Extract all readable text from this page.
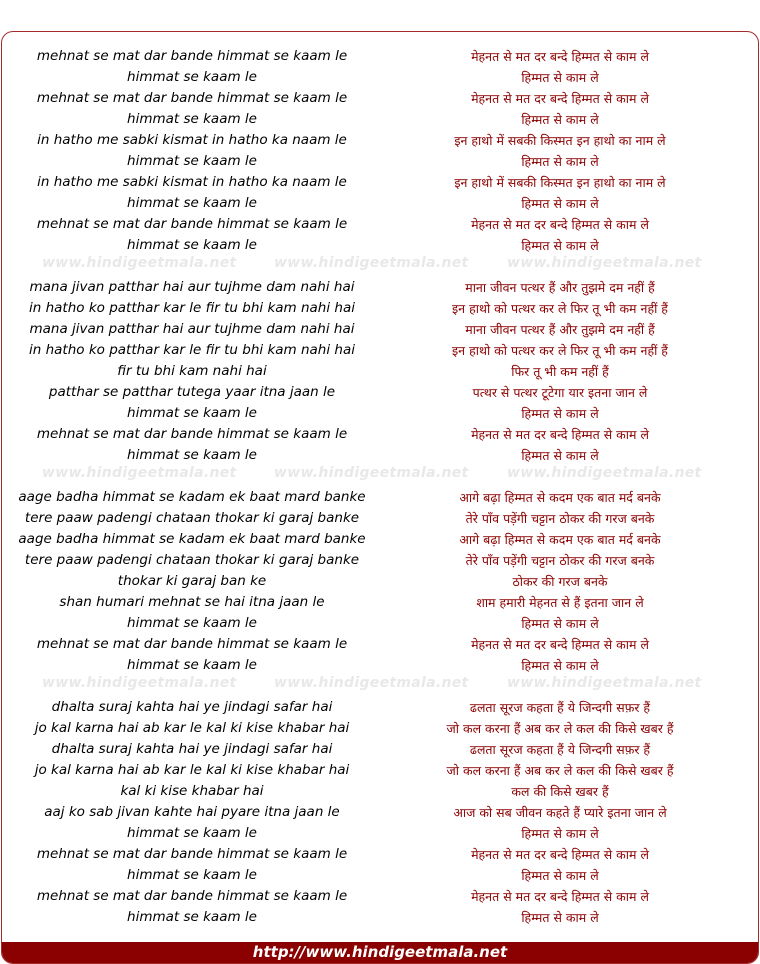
mehnat se mat dar bande himmat se kaam le	मेहनत से मत दर बन्दे हिम्मत से काम ले
himmat se kaam le	हिम्मत से काम ले
mehnat se mat dar bande himmat se kaam le	मेहनत से मत दर बन्दे हिम्मत से काम ले
himmat se kaam le	हिम्मत से काम ले
in hatho me sabki kismat in hatho ka naam le	इन हाथो में सबकी किस्मत इन हाथो का नाम ले
himmat se kaam le	हिम्मत से काम ले
in hatho me sabki kismat in hatho ka naam le	इन हाथो में सबकी किस्मत इन हाथो का नाम ले
himmat se kaam le	हिम्मत से काम ले
mehnat se mat dar bande himmat se kaam le	मेहनत से मत दर बन्दे हिम्मत से काम ले
himmat se kaam le	हिम्मत से काम ले
www.hindigeetmala.net	www.hindigeetmala.net	www.hindigeetmala.net
mana jivan patthar hai aur tujhme dam nahi hai	माना जीवन पत्थर हैं और तुझमे दम नहीं हैं
in hatho ko patthar kar le fir tu bhi kam nahi hai	इन हाथो को पत्थर कर ले फिर तू भी कम नहीं हैं
mana jivan patthar hai aur tujhme dam nahi hai	माना जीवन पत्थर हैं और तुझमे दम नहीं हैं
in hatho ko patthar kar le fir tu bhi kam nahi hai	इन हाथो को पत्थर कर ले फिर तू भी कम नहीं हैं
fir tu bhi kam nahi hai	फिर तू भी कम नहीं हैं
patthar se patthar tutega yaar itna jaan le	पत्थर से पत्थर टूटेगा यार इतना जान ले
himmat se kaam le	हिम्मत से काम ले
mehnat se mat dar bande himmat se kaam le	मेहनत से मत दर बन्दे हिम्मत से काम ले
himmat se kaam le	हिम्मत से काम ले
www.hindigeetmala.net	www.hindigeetmala.net	www.hindigeetmala.net
aage badha himmat se kadam ek baat mard banke	आगे बढ़ा हिम्मत से कदम एक बात मर्द बनके
tere paaw padengi chataan thokar ki garaj banke	तेरे पाँव पड़ेंगी चट्टान ठोकर की गरज बनके
aage badha himmat se kadam ek baat mard banke	आगे बढ़ा हिम्मत से कदम एक बात मर्द बनके
tere paaw padengi chataan thokar ki garaj banke	तेरे पाँव पड़ेंगी चट्टान ठोकर की गरज बनके
thokar ki garaj ban ke	ठोकर की गरज बनके
shan humari mehnat se hai itna jaan le	शाम हमारी मेहनत से हैं इतना जान ले
himmat se kaam le	हिम्मत से काम ले
mehnat se mat dar bande himmat se kaam le	मेहनत से मत दर बन्दे हिम्मत से काम ले
himmat se kaam le	हिम्मत से काम ले
www.hindigeetmala.net	www.hindigeetmala.net	www.hindigeetmala.net
dhalta suraj kahta hai ye jindagi safar hai	ढलता सूरज कहता हैं ये जिन्दगी सफ़र हैं
jo kal karna hai ab kar le kal ki kise khabar hai	जो कल करना हैं अब कर ले कल की किसे खबर हैं
dhalta suraj kahta hai ye jindagi safar hai	ढलता सूरज कहता हैं ये जिन्दगी सफ़र हैं
jo kal karna hai ab kar le kal ki kise khabar hai	जो कल करना हैं अब कर ले कल की किसे खबर हैं
kal ki kise khabar hai	कल की किसे खबर हैं
aaj ko sab jivan kahte hai pyare itna jaan le	आज को सब जीवन कहते हैं प्यारे इतना जान ले
himmat se kaam le	हिम्मत से काम ले
mehnat se mat dar bande himmat se kaam le	मेहनत से मत दर बन्दे हिम्मत से काम ले
himmat se kaam le	हिम्मत से काम ले
mehnat se mat dar bande himmat se kaam le	मेहनत से मत दर बन्दे हिम्मत से काम ले
himmat se kaam le	हिम्मत से काम ले
http://www.hindigeetmala.net
